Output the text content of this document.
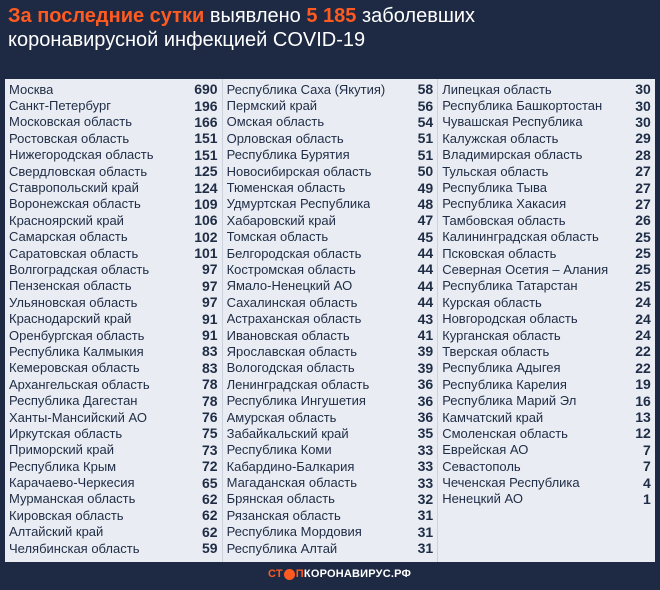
За последние сутки выявлено 5 185 заболевших
коронавирусной инфекцией COVID-19
Москва	690
Санкт-Петербург	196
Московская область	166
Ростовская область	151
Нижегородская область	151
Свердловская область	125
Ставропольский край	124
Воронежская область	109
Красноярский край	106
Самарская область	102
Саратовская область	101
Волгоградская область	97
Пензенская область	97
Ульяновская область	97
Краснодарский край	91
Оренбургская область	91
Республика Калмыкия	83
Кемеровская область	83
Архангельская область	78
Республика Дагестан	78
Ханты-Мансийский АО	76
Иркутская область	75
Приморский край	73
Республика Крым	72
Карачаево-Черкесия	65
Мурманская область	62
Кировская область	62
Алтайский край	62
Челябинская область	59
Республика Саха (Якутия) 58
Пермский край	56
Омская область	54
Орловская область	51
Республика Бурятия	51
Новосибирская область	50
Тюменская область	49
Удмуртская Республика	48
Хабаровский край	47
Томская область	45
Белгородская область	44
Костромская область	44
Ямало-Ненецкий АО	44
Сахалинская область	44
Астраханская область	43
Ивановская область	41
Ярославская область	39
Вологодская область	39
Ленинградская область	36
Республика Ингушетия	36
Амурская область	36
Забайкальский край	35
Республика Коми	33
Кабардино-Балкария	33
Магаданская область	33
Брянская область	32
Рязанская область	31
Республика Мордовия	31
Республика Алтай	31
Липецкая область	30
Республика Башкортостан 30
Чувашская Республика	30
Калужская область	29
Владимирская область	28
Тульская область	27
Республика Тыва	27
Республика Хакасия	27
Тамбовская область	26
Калининградская область	25
Псковская область	25
Северная Осетия – Алания 25
Республика Татарстан	25
Курская область	24
Новгородская область	24
Курганская область	24
Тверская область	22
Республика Адыгея	22
Республика Карелия	19
Республика Марий Эл	16
Камчатский край	13
Смоленская область	12
Еврейская АО	7
Севастополь	7
Чеченская Республика	4
Ненецкий АО	1
СТ П КОРОНАВИРУС.РФ
